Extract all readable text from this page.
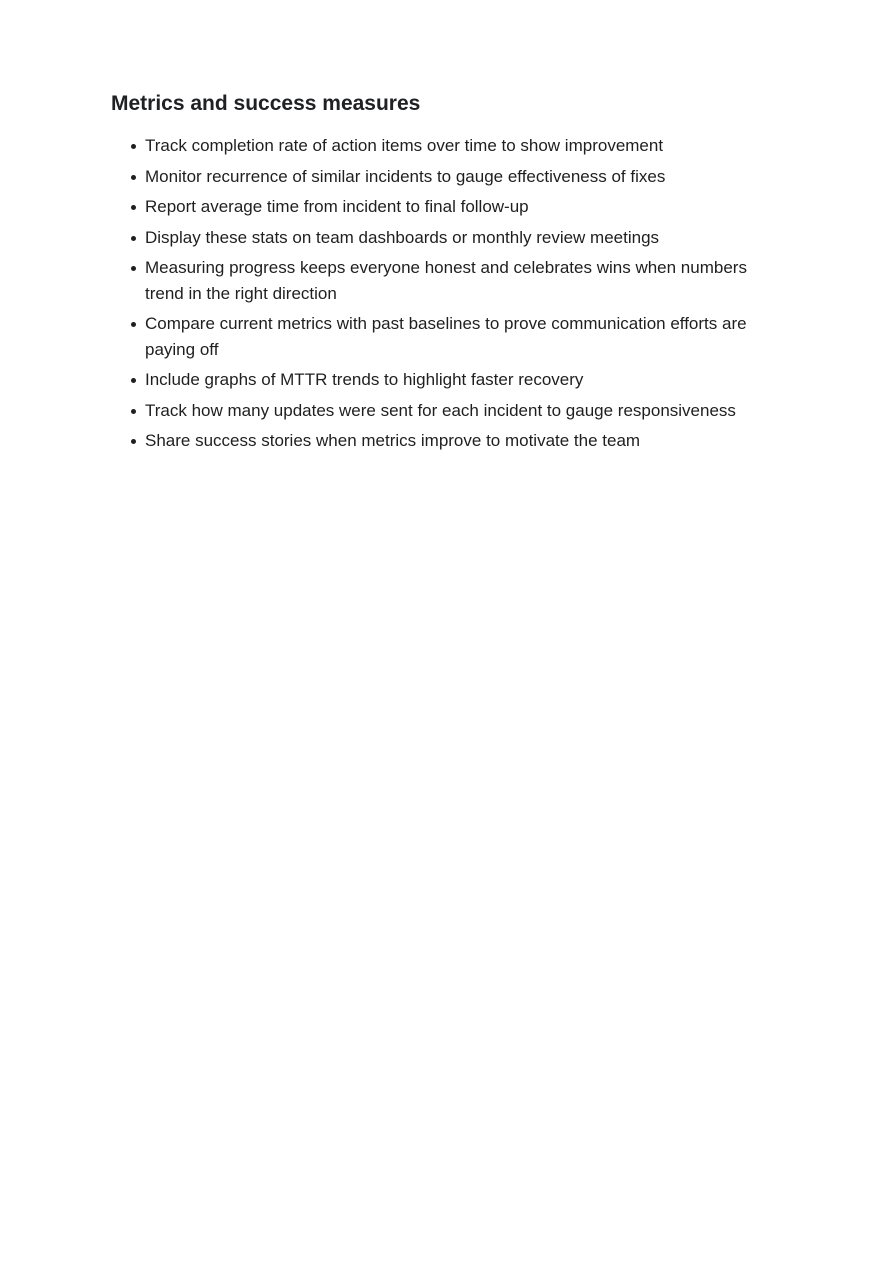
Metrics and success measures
Track completion rate of action items over time to show improvement
Monitor recurrence of similar incidents to gauge effectiveness of fixes
Report average time from incident to final follow-up
Display these stats on team dashboards or monthly review meetings
Measuring progress keeps everyone honest and celebrates wins when numbers trend in the right direction
Compare current metrics with past baselines to prove communication efforts are paying off
Include graphs of MTTR trends to highlight faster recovery
Track how many updates were sent for each incident to gauge responsiveness
Share success stories when metrics improve to motivate the team
